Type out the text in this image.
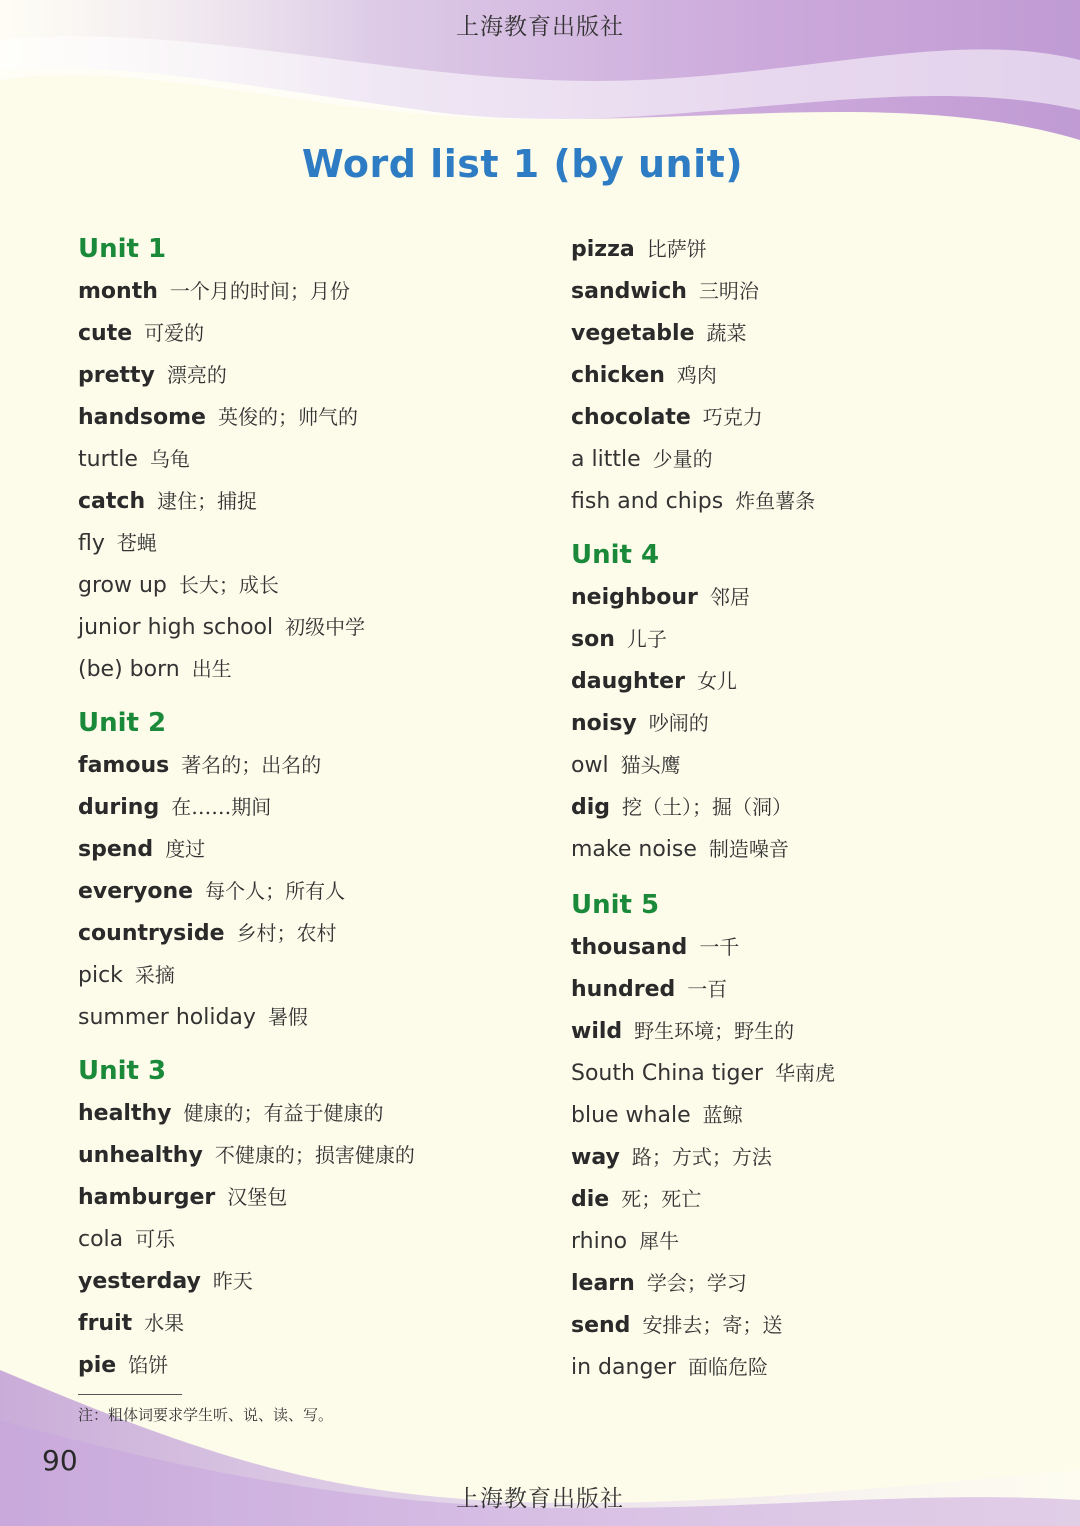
上海教育出版社
Word list 1 (by unit)
Unit 1
month 一个月的时间；月份
cute 可爱的
pretty 漂亮的
handsome 英俊的；帅气的
turtle 乌龟
catch 逮住；捕捉
fly 苍蝇
grow up 长大；成长
junior high school 初级中学
(be) born 出生
Unit 2
famous 著名的；出名的
during 在……期间
spend 度过
everyone 每个人；所有人
countryside 乡村；农村
pick 采摘
summer holiday 暑假
Unit 3
healthy 健康的；有益于健康的
unhealthy 不健康的；损害健康的
hamburger 汉堡包
cola 可乐
yesterday 昨天
fruit 水果
pie 馅饼
pizza 比萨饼
sandwich 三明治
vegetable 蔬菜
chicken 鸡肉
chocolate 巧克力
a little 少量的
fish and chips 炸鱼薯条
Unit 4
neighbour 邻居
son 儿子
daughter 女儿
noisy 吵闹的
owl 猫头鹰
dig 挖（土）；掘（洞）
make noise 制造噪音
Unit 5
thousand 一千
hundred 一百
wild 野生环境；野生的
South China tiger 华南虎
blue whale 蓝鲸
way 路；方式；方法
die 死；死亡
rhino 犀牛
learn 学会；学习
send 安排去；寄；送
in danger 面临危险
注：粗体词要求学生听、说、读、写。
90
上海教育出版社
